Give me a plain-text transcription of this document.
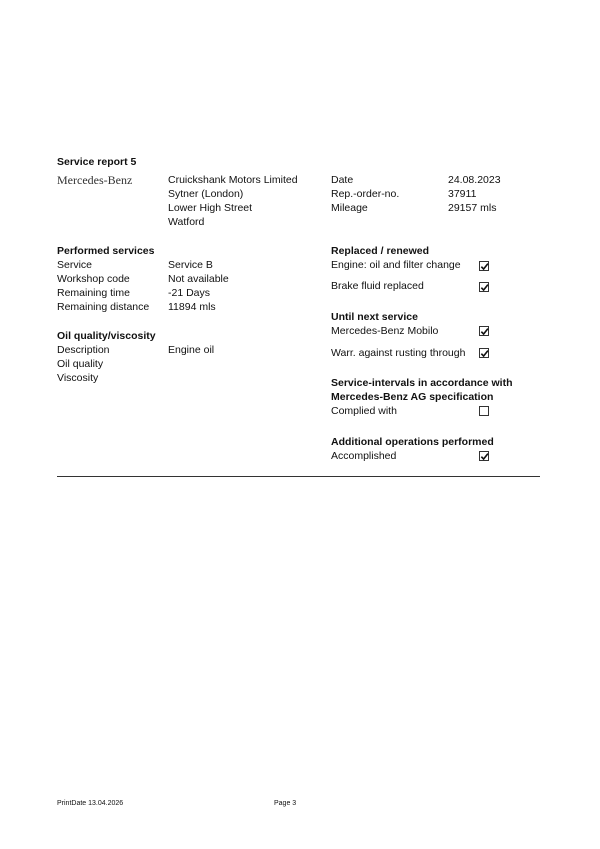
Service report 5
Mercedes-Benz	Cruickshank Motors Limited
Sytner (London)
Lower High Street
Watford
Date	24.08.2023
Rep.-order-no.	37911
Mileage	29157 mls
Performed services
Service	Service B
Workshop code	Not available
Remaining time	-21 Days
Remaining distance 11894 mls
Oil quality/viscosity
Description	Engine oil
Oil quality
Viscosity
Replaced / renewed
Engine: oil and filter change
Brake fluid replaced
Until next service
Mercedes-Benz Mobilo
Warr. against rusting through
Service-intervals in accordance with
Mercedes-Benz AG specification
Complied with
Additional operations performed
Accomplished
PrintDate 13.04.2026	Page 3
